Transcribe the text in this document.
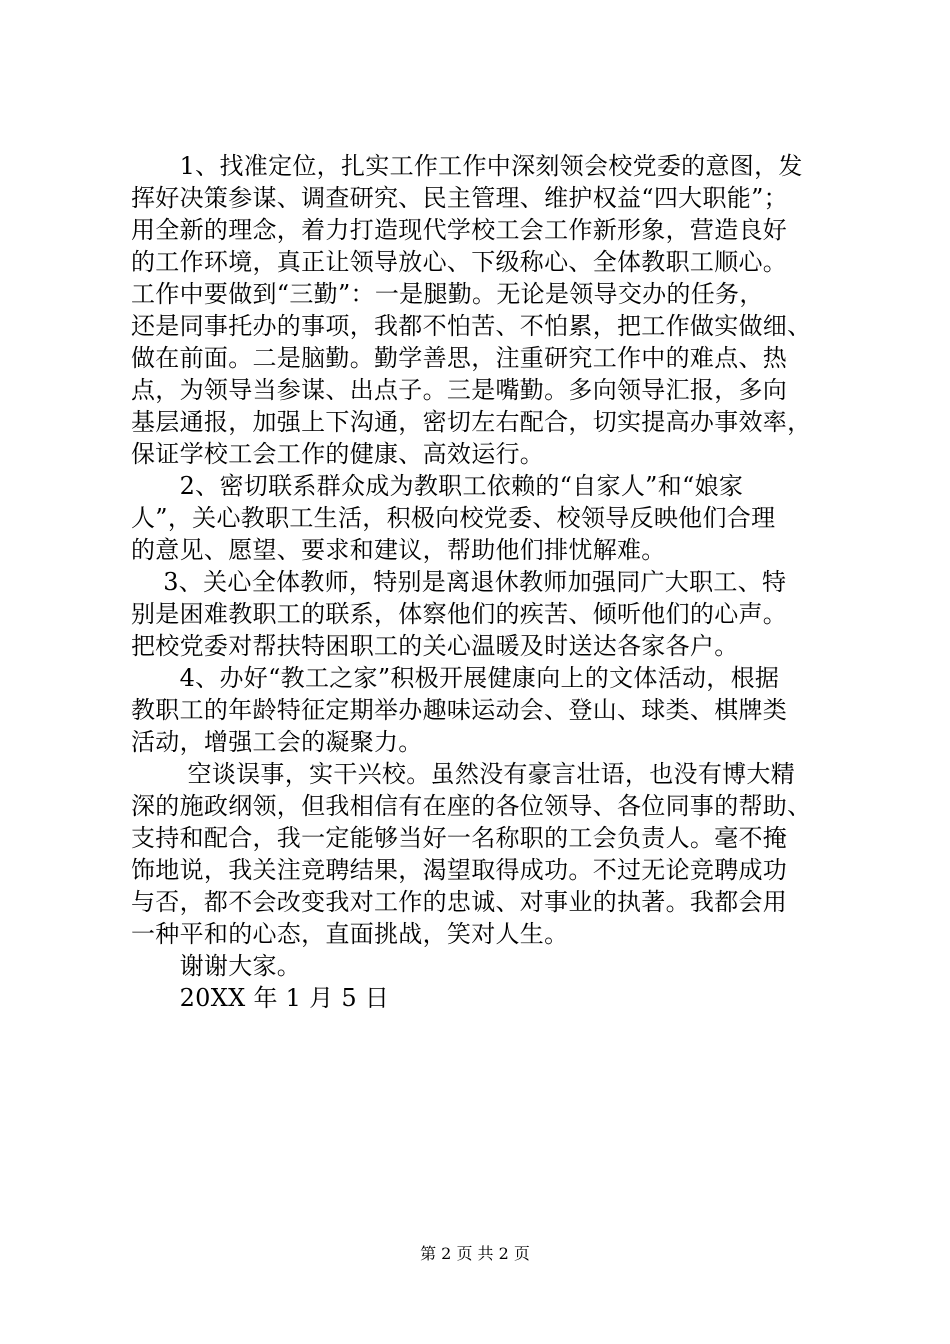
　　1、找准定位，扎实工作工作中深刻领会校党委的意图，发
挥好决策参谋、调查研究、民主管理、维护权益“四大职能”；
用全新的理念，着力打造现代学校工会工作新形象，营造良好
的工作环境，真正让领导放心、下级称心、全体教职工顺心。
工作中要做到“三勤”：一是腿勤。无论是领导交办的任务，
还是同事托办的事项，我都不怕苦、不怕累，把工作做实做细、
做在前面。二是脑勤。勤学善思，注重研究工作中的难点、热
点，为领导当参谋、出点子。三是嘴勤。多向领导汇报，多向
基层通报，加强上下沟通，密切左右配合，切实提高办事效率，
保证学校工会工作的健康、高效运行。
　　2、密切联系群众成为教职工依赖的“自家人”和“娘家
人”，关心教职工生活，积极向校党委、校领导反映他们合理
的意见、愿望、要求和建议，帮助他们排忧解难。
　 3、关心全体教师，特别是离退休教师加强同广大职工、特
别是困难教职工的联系，体察他们的疾苦、倾听他们的心声。
把校党委对帮扶特困职工的关心温暖及时送达各家各户。
　　4、办好“教工之家”积极开展健康向上的文体活动，根据
教职工的年龄特征定期举办趣味运动会、登山、球类、棋牌类
活动，增强工会的凝聚力。
　　 空谈误事，实干兴校。虽然没有豪言壮语，也没有博大精
深的施政纲领，但我相信有在座的各位领导、各位同事的帮助、
支持和配合，我一定能够当好一名称职的工会负责人。毫不掩
饰地说，我关注竞聘结果，渴望取得成功。不过无论竞聘成功
与否，都不会改变我对工作的忠诚、对事业的执著。我都会用
一种平和的心态，直面挑战，笑对人生。
　　谢谢大家。
　　20XX 年 1 月 5 日
第 2 页 共 2 页
